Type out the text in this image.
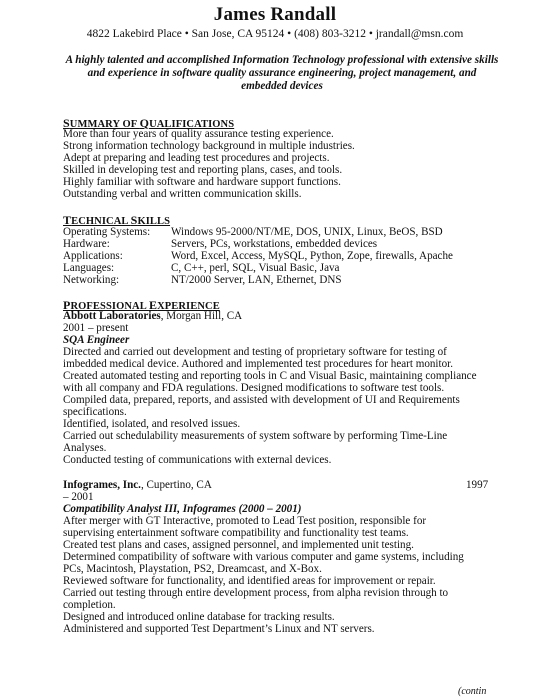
James Randall
4822 Lakebird Place • San Jose, CA 95124 • (408) 803-3212 • jrandall@msn.com
A highly talented and accomplished Information Technology professional with extensive skills and experience in software quality assurance engineering, project management, and embedded devices
SUMMARY OF QUALIFICATIONS
More than four years of quality assurance testing experience.
Strong information technology background in multiple industries.
Adept at preparing and leading test procedures and projects.
Skilled in developing test and reporting plans, cases, and tools.
Highly familiar with software and hardware support functions.
Outstanding verbal and written communication skills.
TECHNICAL SKILLS
Operating Systems:	Windows 95-2000/NT/ME, DOS, UNIX, Linux, BeOS, BSD
Hardware:	Servers, PCs, workstations, embedded devices
Applications:	Word, Excel, Access, MySQL, Python, Zope, firewalls, Apache
Languages:	C, C++, perl, SQL, Visual Basic, Java
Networking:	NT/2000 Server, LAN, Ethernet, DNS
PROFESSIONAL EXPERIENCE
Abbott Laboratories, Morgan Hill, CA
2001 – present
SQA Engineer
Directed and carried out development and testing of proprietary software for testing of
imbedded medical device. Authored and implemented test procedures for heart monitor.
Created automated testing and reporting tools in C and Visual Basic, maintaining compliance
with all company and FDA regulations. Designed modifications to software test tools.
Compiled data, prepared, reports, and assisted with development of UI and Requirements
specifications.
Identified, isolated, and resolved issues.
Carried out schedulability measurements of system software by performing Time-Line
Analyses.
Conducted testing of communications with external devices.
1997
Infogrames, Inc., Cupertino, CA
– 2001
Compatibility Analyst III, Infogrames (2000 – 2001)
After merger with GT Interactive, promoted to Lead Test position, responsible for
supervising entertainment software compatibility and functionality test teams.
Created test plans and cases, assigned personnel, and implemented unit testing.
Determined compatibility of software with various computer and game systems, including
PCs, Macintosh, Playstation, PS2, Dreamcast, and X-Box.
Reviewed software for functionality, and identified areas for improvement or repair.
Carried out testing through entire development process, from alpha revision through to
completion.
Designed and introduced online database for tracking results.
Administered and supported Test Department’s Linux and NT servers.
(contin
